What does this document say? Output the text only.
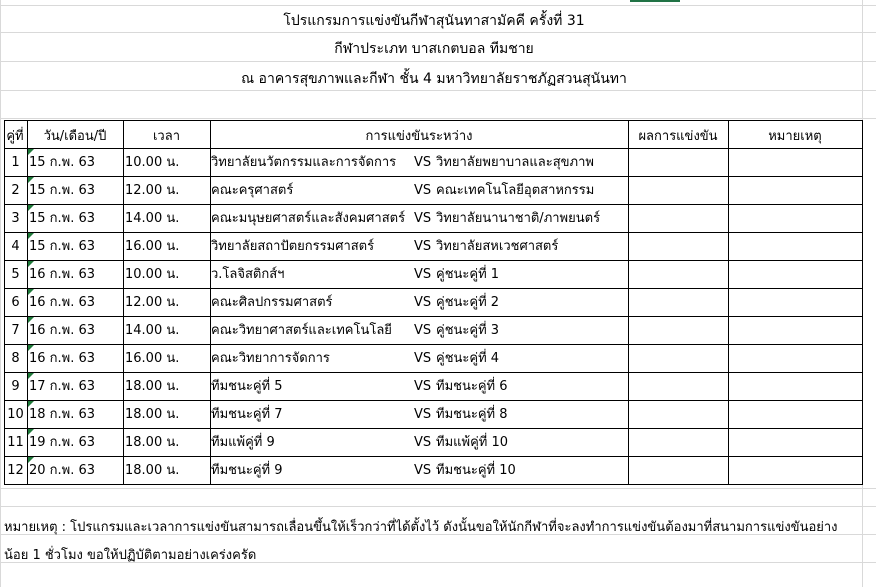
โปรแกรมการแข่งขันกีฬาสุนันทาสามัคคี ครั้งที่ 31
กีฬาประเภท บาสเกตบอล ทีมชาย
ณ อาคารสุขภาพและกีฬา ชั้น 4 มหาวิทยาลัยราชภัฏสวนสุนันทา
คู่ที่	วัน/เดือน/ปี	เวลา	การแข่งขันระหว่าง	ผลการแข่งขัน	หมายเหตุ
1 15 ก.พ. 63 10.00 น. วิทยาลัยนวัตกรรมและการจัดการ VS วิทยาลัยพยาบาลและสุขภาพ
2 15 ก.พ. 63 12.00 น. คณะครุศาสตร์	VS คณะเทคโนโลยีอุตสาหกรรม
3 15 ก.พ. 63 14.00 น. คณะมนุษยศาสตร์และสังคมศาสตร์ VS วิทยาลัยนานาชาติ/ภาพยนตร์
4 15 ก.พ. 63 16.00 น. วิทยาลัยสถาปัตยกรรมศาสตร์	VS วิทยาลัยสหเวชศาสตร์
5 16 ก.พ. 63 10.00 น. ว.โลจิสติกส์ฯ	VS คู่ชนะคู่ที่ 1
6 16 ก.พ. 63 12.00 น. คณะศิลปกรรมศาสตร์	VS คู่ชนะคู่ที่ 2
7 16 ก.พ. 63 14.00 น. คณะวิทยาศาสตร์และเทคโนโลยี VS คู่ชนะคู่ที่ 3
8 16 ก.พ. 63 16.00 น. คณะวิทยาการจัดการ	VS คู่ชนะคู่ที่ 4
9 17 ก.พ. 63 18.00 น. ทีมชนะคู่ที่ 5	VS ทีมชนะคู่ที่ 6
10 18 ก.พ. 63 18.00 น. ทีมชนะคู่ที่ 7	VS ทีมชนะคู่ที่ 8
11 19 ก.พ. 63 18.00 น. ทีมแพ้คู่ที่ 9	VS ทีมแพ้คู่ที่ 10
12 20 ก.พ. 63 18.00 น. ทีมชนะคู่ที่ 9	VS ทีมชนะคู่ที่ 10
หมายเหตุ : โปรแกรมและเวลาการแข่งขันสามารถเลื่อนขึ้นให้เร็วกว่าที่ได้ตั้งไว้ ดังนั้นขอให้นักกีฬาที่จะลงทำการแข่งขันต้องมาที่สนามการแข่งขันอย่าง
น้อย 1 ชั่วโมง ขอให้ปฏิบัติตามอย่างเคร่งครัด
